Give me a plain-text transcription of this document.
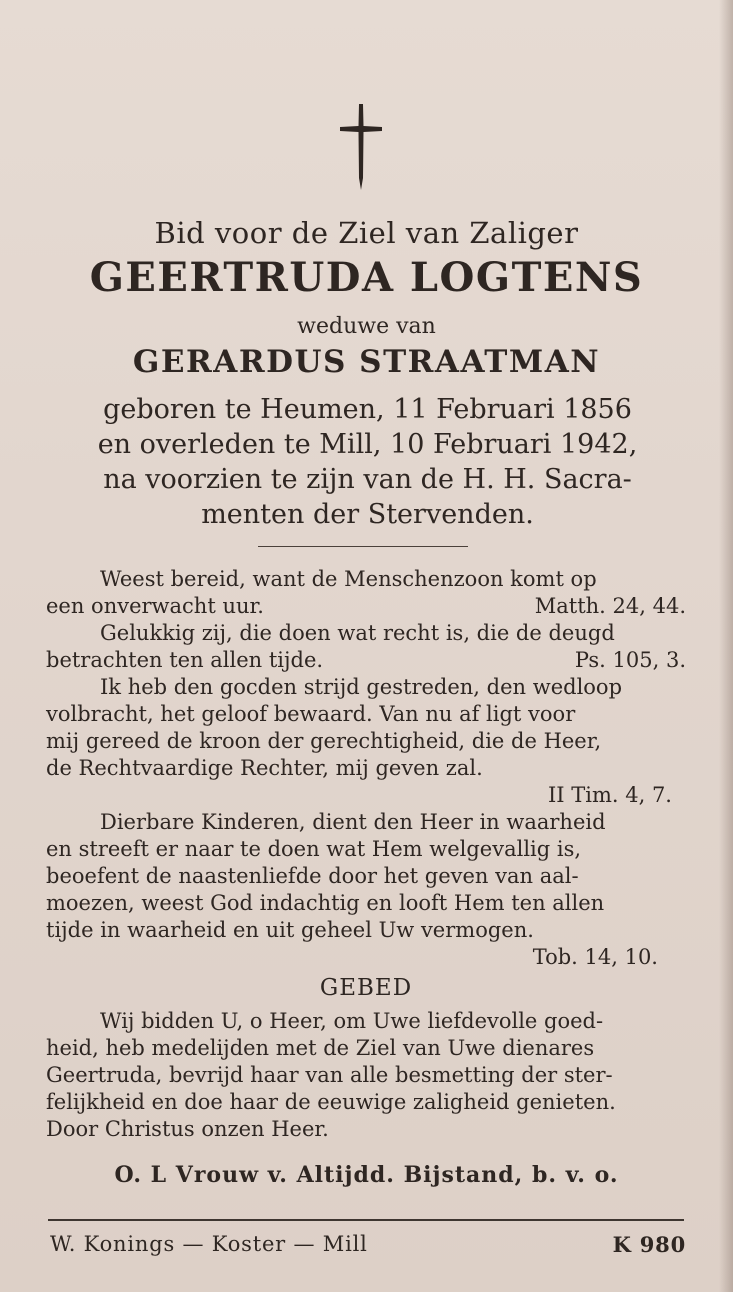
Bid voor de Ziel van Zaliger
GEERTRUDA LOGTENS
weduwe van
GERARDUS STRAATMAN
geboren te Heumen, 11 Februari 1856
en overleden te Mill, 10 Februari 1942,
na voorzien te zijn van de H. H. Sacra-
menten der Stervenden.
Weest bereid, want de Menschenzoon komt op
een onverwacht uur.	Matth. 24, 44.
Gelukkig zij, die doen wat recht is, die de deugd
betrachten ten allen tijde.	Ps. 105, 3.
Ik heb den gocden strijd gestreden, den wedloop
volbracht, het geloof bewaard. Van nu af ligt voor
mij gereed de kroon der gerechtigheid, die de Heer,
de Rechtvaardige Rechter, mij geven zal.
II Tim. 4, 7.
Dierbare Kinderen, dient den Heer in waarheid
en streeft er naar te doen wat Hem welgevallig is,
beoefent de naastenliefde door het geven van aal-
moezen, weest God indachtig en looft Hem ten allen
tijde in waarheid en uit geheel Uw vermogen.
Tob. 14, 10.
GEBED
Wij bidden U, o Heer, om Uwe liefdevolle goed-
heid, heb medelijden met de Ziel van Uwe dienares
Geertruda, bevrijd haar van alle besmetting der ster-
felijkheid en doe haar de eeuwige zaligheid genieten.
Door Christus onzen Heer.
O. L Vrouw v. Altijdd. Bijstand, b. v. o.
W. Konings — Koster — Mill	K 980
